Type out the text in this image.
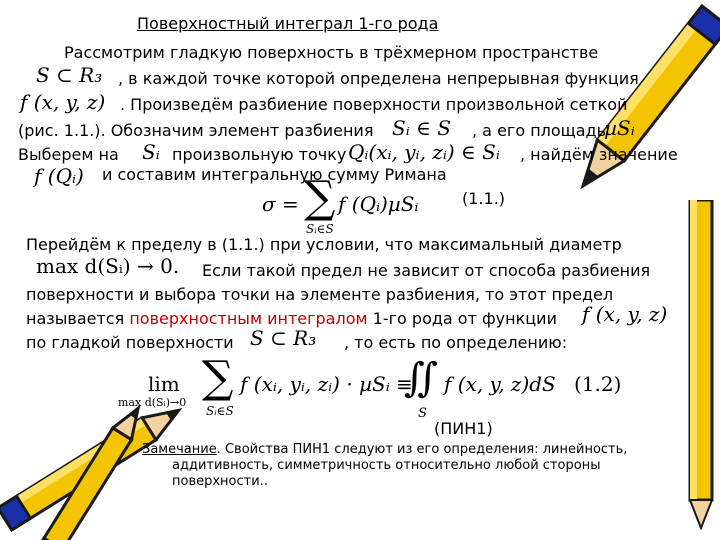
Поверхностный интеграл 1-го рода
Рассмотрим гладкую поверхность в трёхмерном пространстве
S ⊂ R₃ , в каждой точке которой определена непрерывная функция
f (x, y, z) . Произведём разбиение поверхности произвольной сеткой
(рис. 1.1.). Обозначим элемент разбиения Sᵢ ∈ S , а его площадь
µSᵢ
Выберем на Sᵢ произвольную точку Qᵢ(xᵢ, yᵢ, zᵢ) ∈ Sᵢ , найдём значение
f (Qᵢ) и составим интегральную сумму Римана
σ = ∑ f (Qᵢ)µSᵢ
Sᵢ∈S
(1.1.)
Перейдём к пределу в (1.1.) при условии, что максимальный диаметр
max d(Sᵢ) → 0. Если такой предел не зависит от способа разбиения
поверхности и выбора точки на элементе разбиения, то этот предел
называется поверхностным интегралом 1-го рода от функции f (x, y, z)
по гладкой поверхности S ⊂ R₃ , то есть по определению:
lim
max d(Sᵢ)→0 ∑
Sᵢ∈S
f (xᵢ, yᵢ, zᵢ) · µSᵢ ≡
∬
S
f (x, y, z)dS (1.2)
(ПИН1)
Замечание. Свойства ПИН1 следуют из его определения: линейность,
аддитивность, симметричность относительно любой стороны
поверхности..
